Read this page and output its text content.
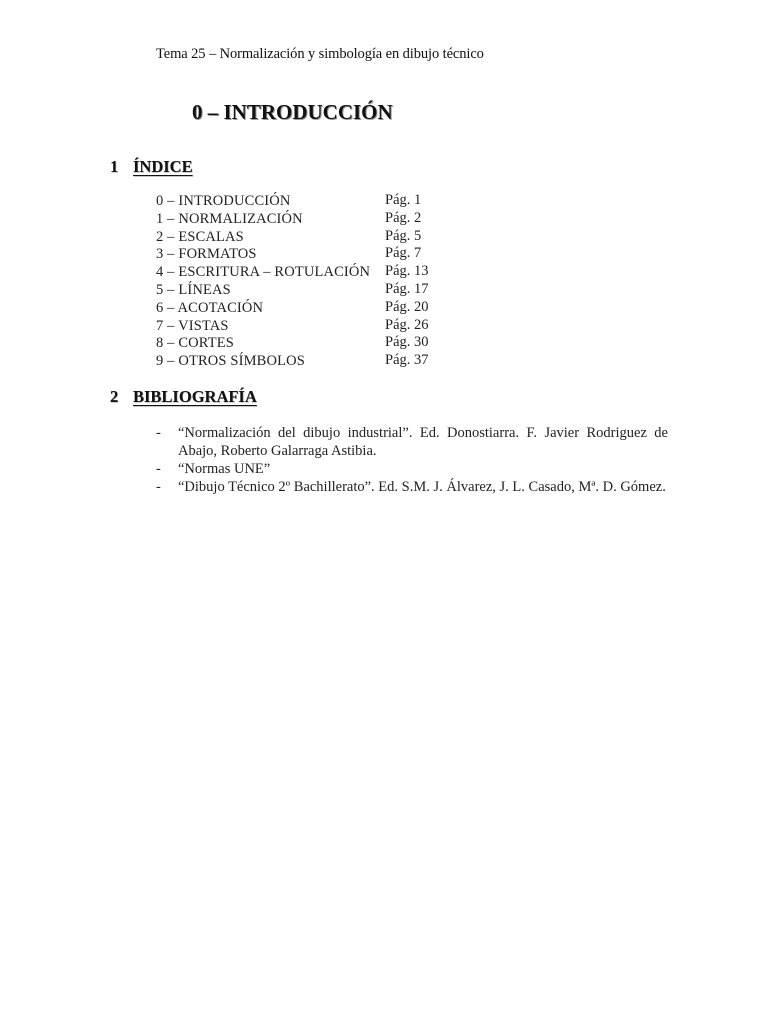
Tema 25 – Normalización y simbología en dibujo técnico
0 – INTRODUCCIÓN
1 ÍNDICE
0 – INTRODUCCIÓN	Pág. 1
1 – NORMALIZACIÓN	Pág. 2
2 – ESCALAS	Pág. 5
3 – FORMATOS	Pág. 7
4 – ESCRITURA – ROTULACIÓN Pág. 13
5 – LÍNEAS	Pág. 17
6 – ACOTACIÓN	Pág. 20
7 – VISTAS	Pág. 26
8 – CORTES	Pág. 30
9 – OTROS SÍMBOLOS	Pág. 37
2 BIBLIOGRAFÍA
-	“Normalización del dibujo industrial”. Ed. Donostiarra. F. Javier Rodriguez de Abajo, Roberto Galarraga Astibia.
-	“Normas UNE”
-	“Dibujo Técnico 2º Bachillerato”. Ed. S.M. J. Álvarez, J. L. Casado, Mª. D. Gómez.
